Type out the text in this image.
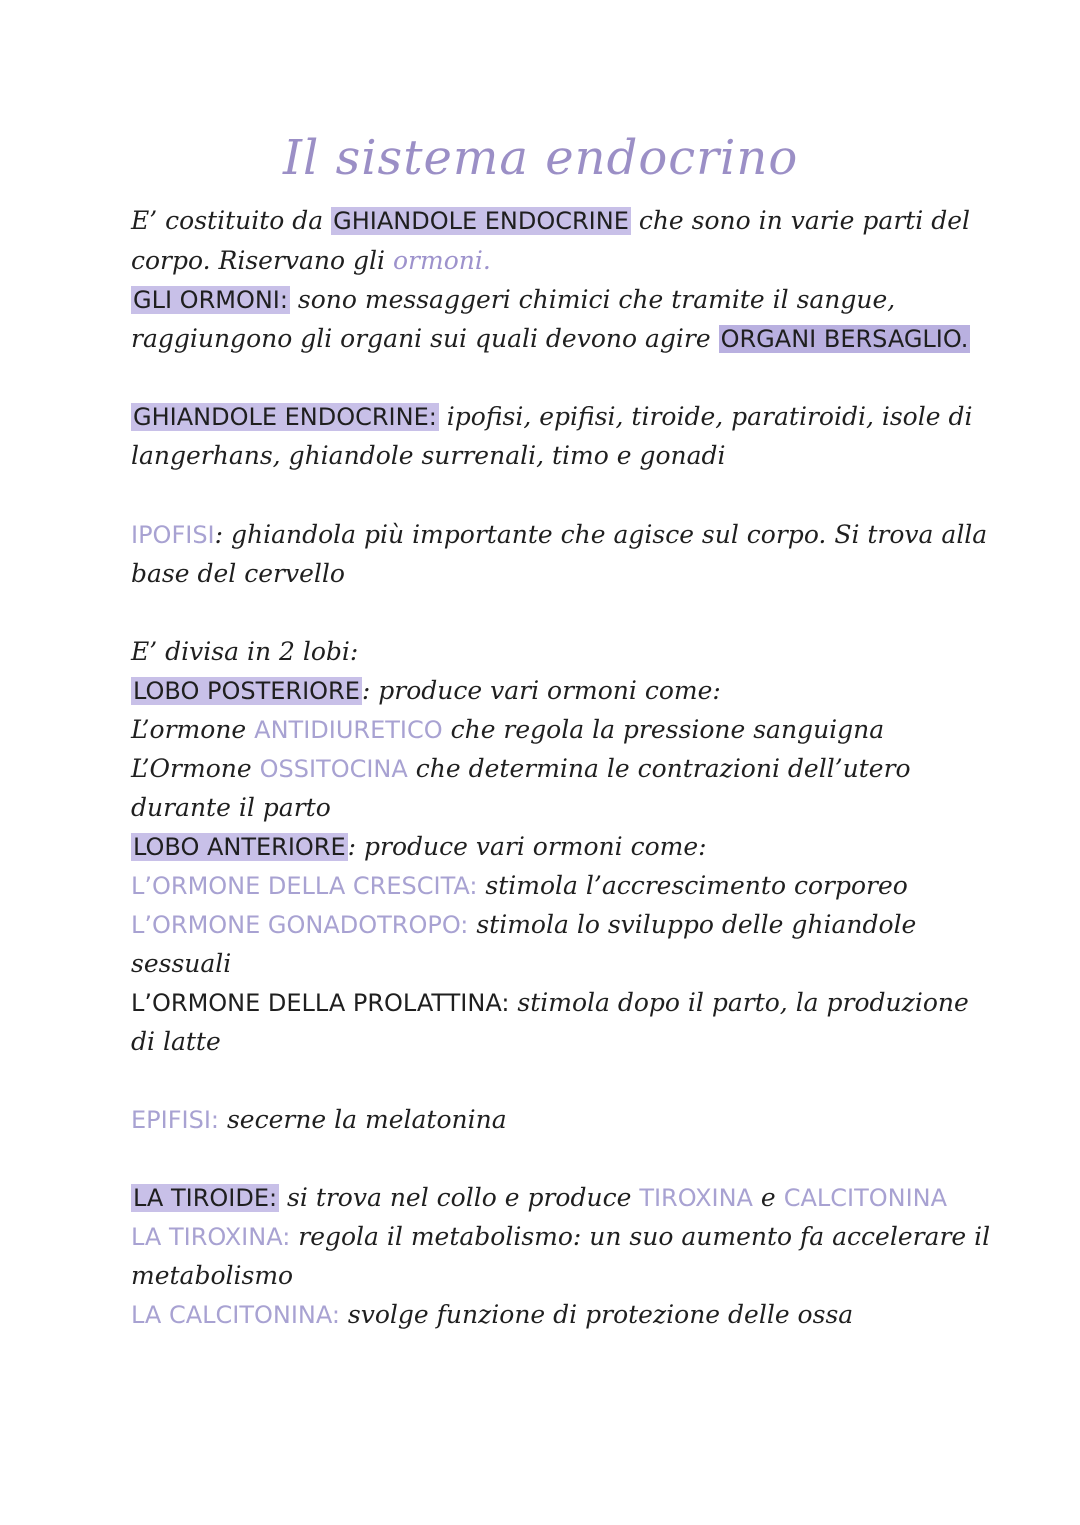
Il sistema endocrino
E’ costituito da GHIANDOLE ENDOCRINE che sono in varie parti del
corpo. Riservano gli ormoni.
GLI ORMONI: sono messaggeri chimici che tramite il sangue,
raggiungono gli organi sui quali devono agire ORGANI BERSAGLIO.
GHIANDOLE ENDOCRINE: ipofisi, epifisi, tiroide, paratiroidi, isole di
langerhans, ghiandole surrenali, timo e gonadi
IPOFISI: ghiandola più importante che agisce sul corpo. Si trova alla
base del cervello
E’ divisa in 2 lobi:
LOBO POSTERIORE: produce vari ormoni come:
L’ormone ANTIDIURETICO che regola la pressione sanguigna
L’Ormone OSSITOCINA che determina le contrazioni dell’utero
durante il parto
LOBO ANTERIORE: produce vari ormoni come:
L’ORMONE DELLA CRESCITA: stimola l’accrescimento corporeo
L’ORMONE GONADOTROPO: stimola lo sviluppo delle ghiandole
sessuali
L’ORMONE DELLA PROLATTINA: stimola dopo il parto, la produzione
di latte
EPIFISI: secerne la melatonina
LA TIROIDE: si trova nel collo e produce TIROXINA e CALCITONINA
LA TIROXINA: regola il metabolismo: un suo aumento fa accelerare il
metabolismo
LA CALCITONINA: svolge funzione di protezione delle ossa
